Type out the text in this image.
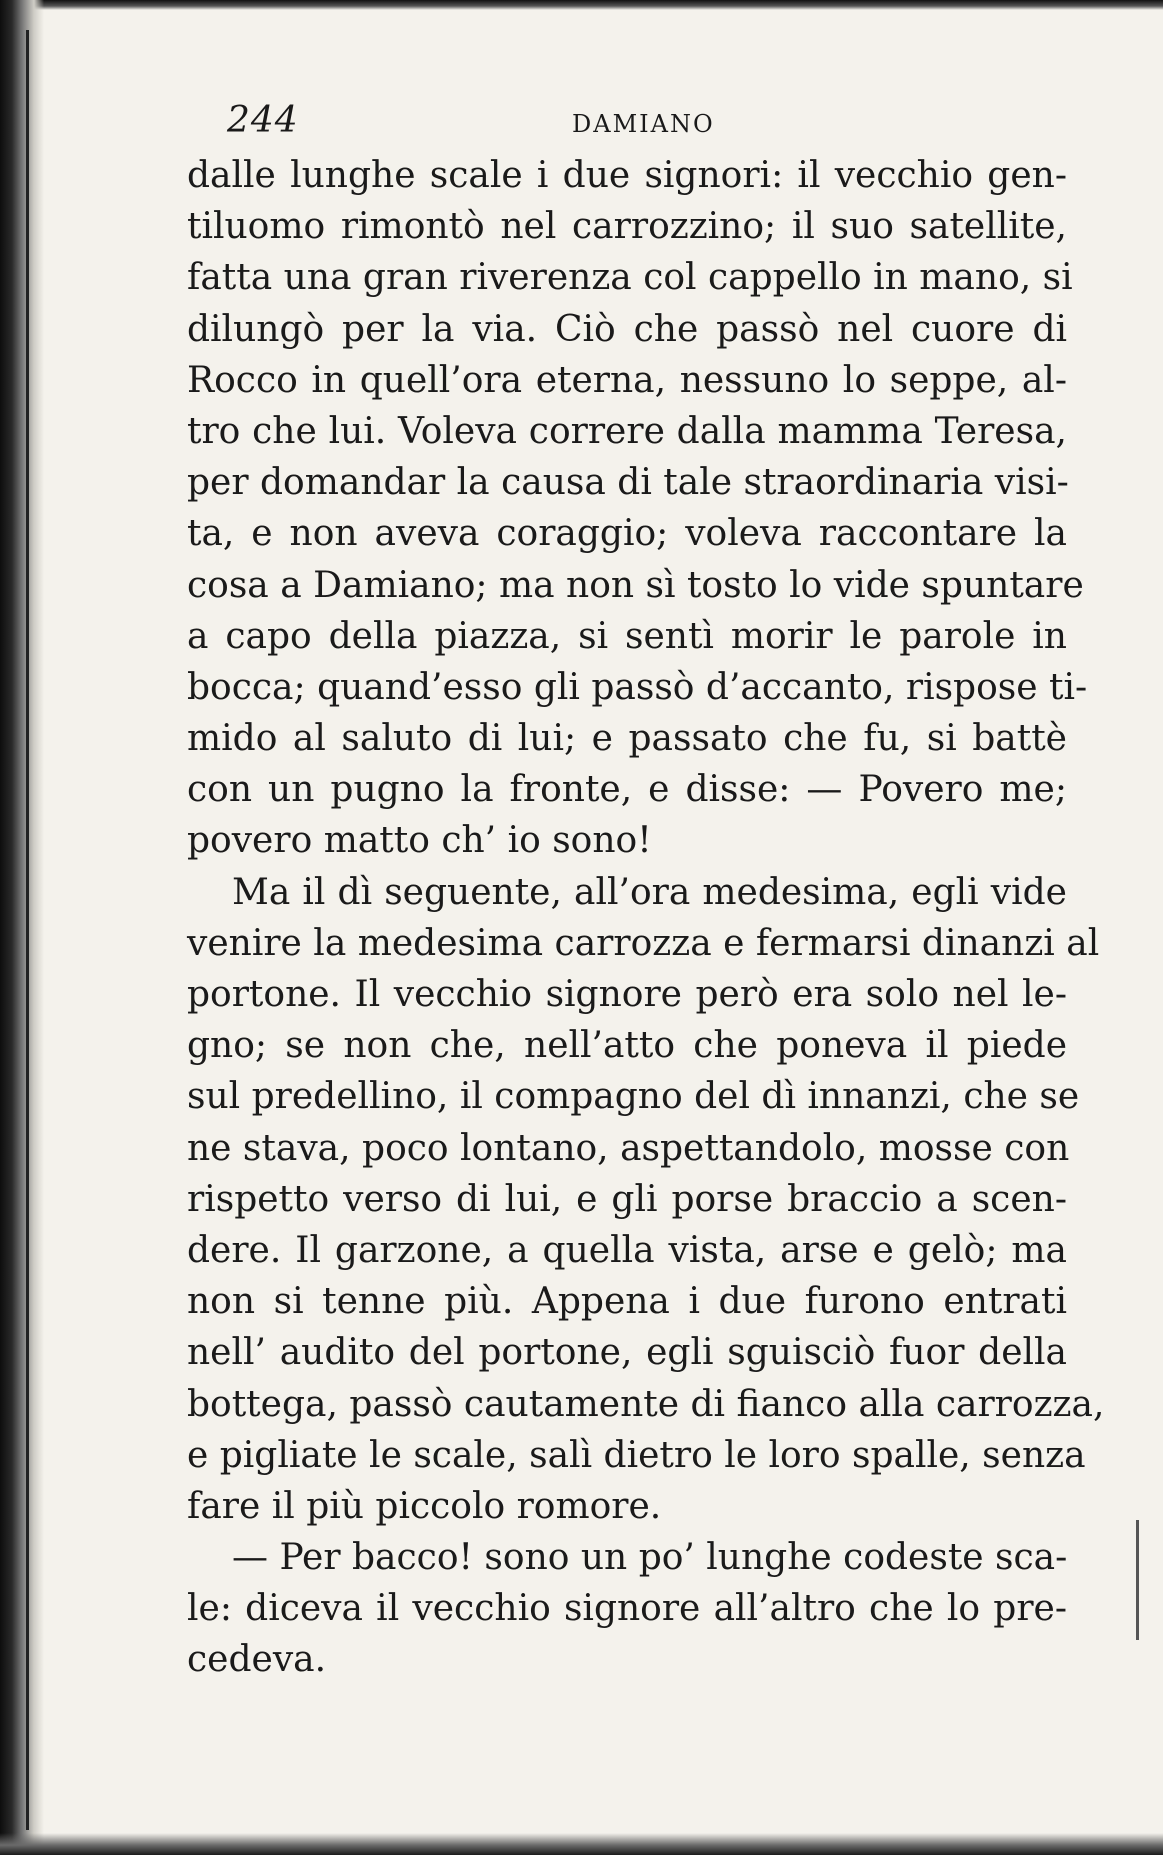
244	DAMIANO
dalle lunghe scale i due signori: il vecchio gen-
tiluomo rimontò nel carrozzino; il suo satellite,
fatta una gran riverenza col cappello in mano, si
dilungò per la via. Ciò che passò nel cuore di
Rocco in quell’ora eterna, nessuno lo seppe, al-
tro che lui. Voleva correre dalla mamma Teresa,
per domandar la causa di tale straordinaria visi-
ta, e non aveva coraggio; voleva raccontare la
cosa a Damiano; ma non sì tosto lo vide spuntare
a capo della piazza, si sentì morir le parole in
bocca; quand’esso gli passò d’accanto, rispose ti-
mido al saluto di lui; e passato che fu, si battè
con un pugno la fronte, e disse: — Povero me;
povero matto ch’ io sono!
Ma il dì seguente, all’ora medesima, egli vide
venire la medesima carrozza e fermarsi dinanzi al
portone. Il vecchio signore però era solo nel le-
gno; se non che, nell’atto che poneva il piede
sul predellino, il compagno del dì innanzi, che se
ne stava, poco lontano, aspettandolo, mosse con
rispetto verso di lui, e gli porse braccio a scen-
dere. Il garzone, a quella vista, arse e gelò; ma
non si tenne più. Appena i due furono entrati
nell’ audito del portone, egli sguisciò fuor della
bottega, passò cautamente di fianco alla carrozza,
e pigliate le scale, salì dietro le loro spalle, senza
fare il più piccolo romore.
— Per bacco! sono un po’ lunghe codeste sca-
le: diceva il vecchio signore all’altro che lo pre-
cedeva.
